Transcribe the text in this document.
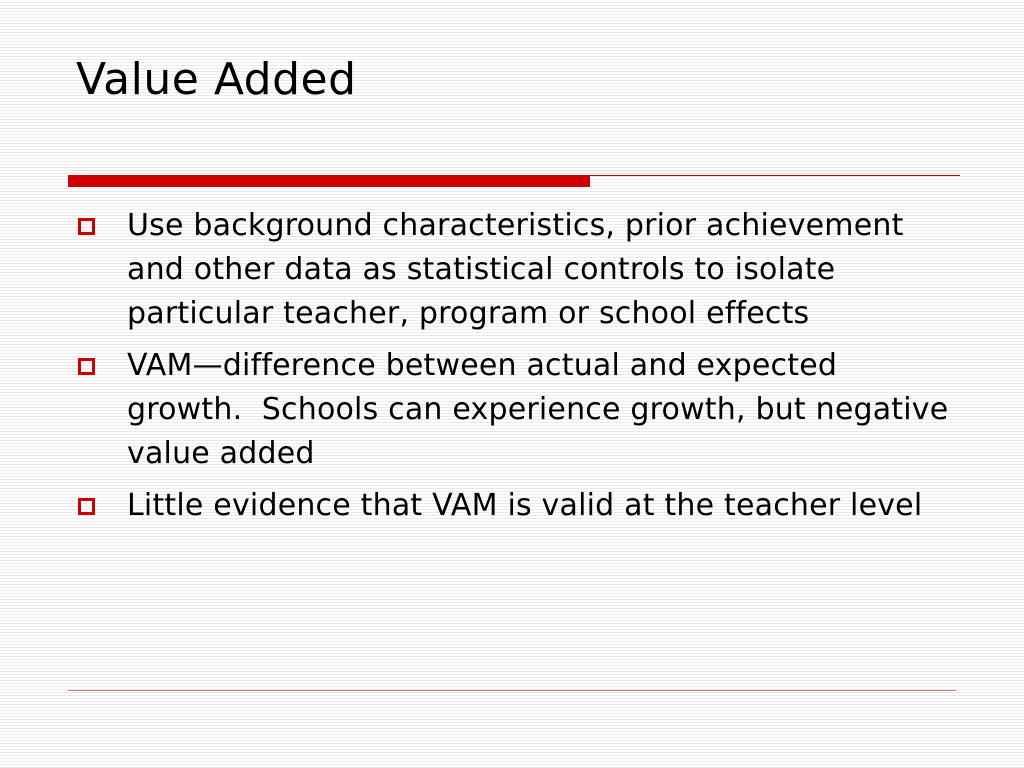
Value Added
Use background characteristics, prior achievement and other data as statistical controls to isolate particular teacher, program or school effects
VAM—difference between actual and expected growth.  Schools can experience growth, but negative value added
Little evidence that VAM is valid at the teacher level
